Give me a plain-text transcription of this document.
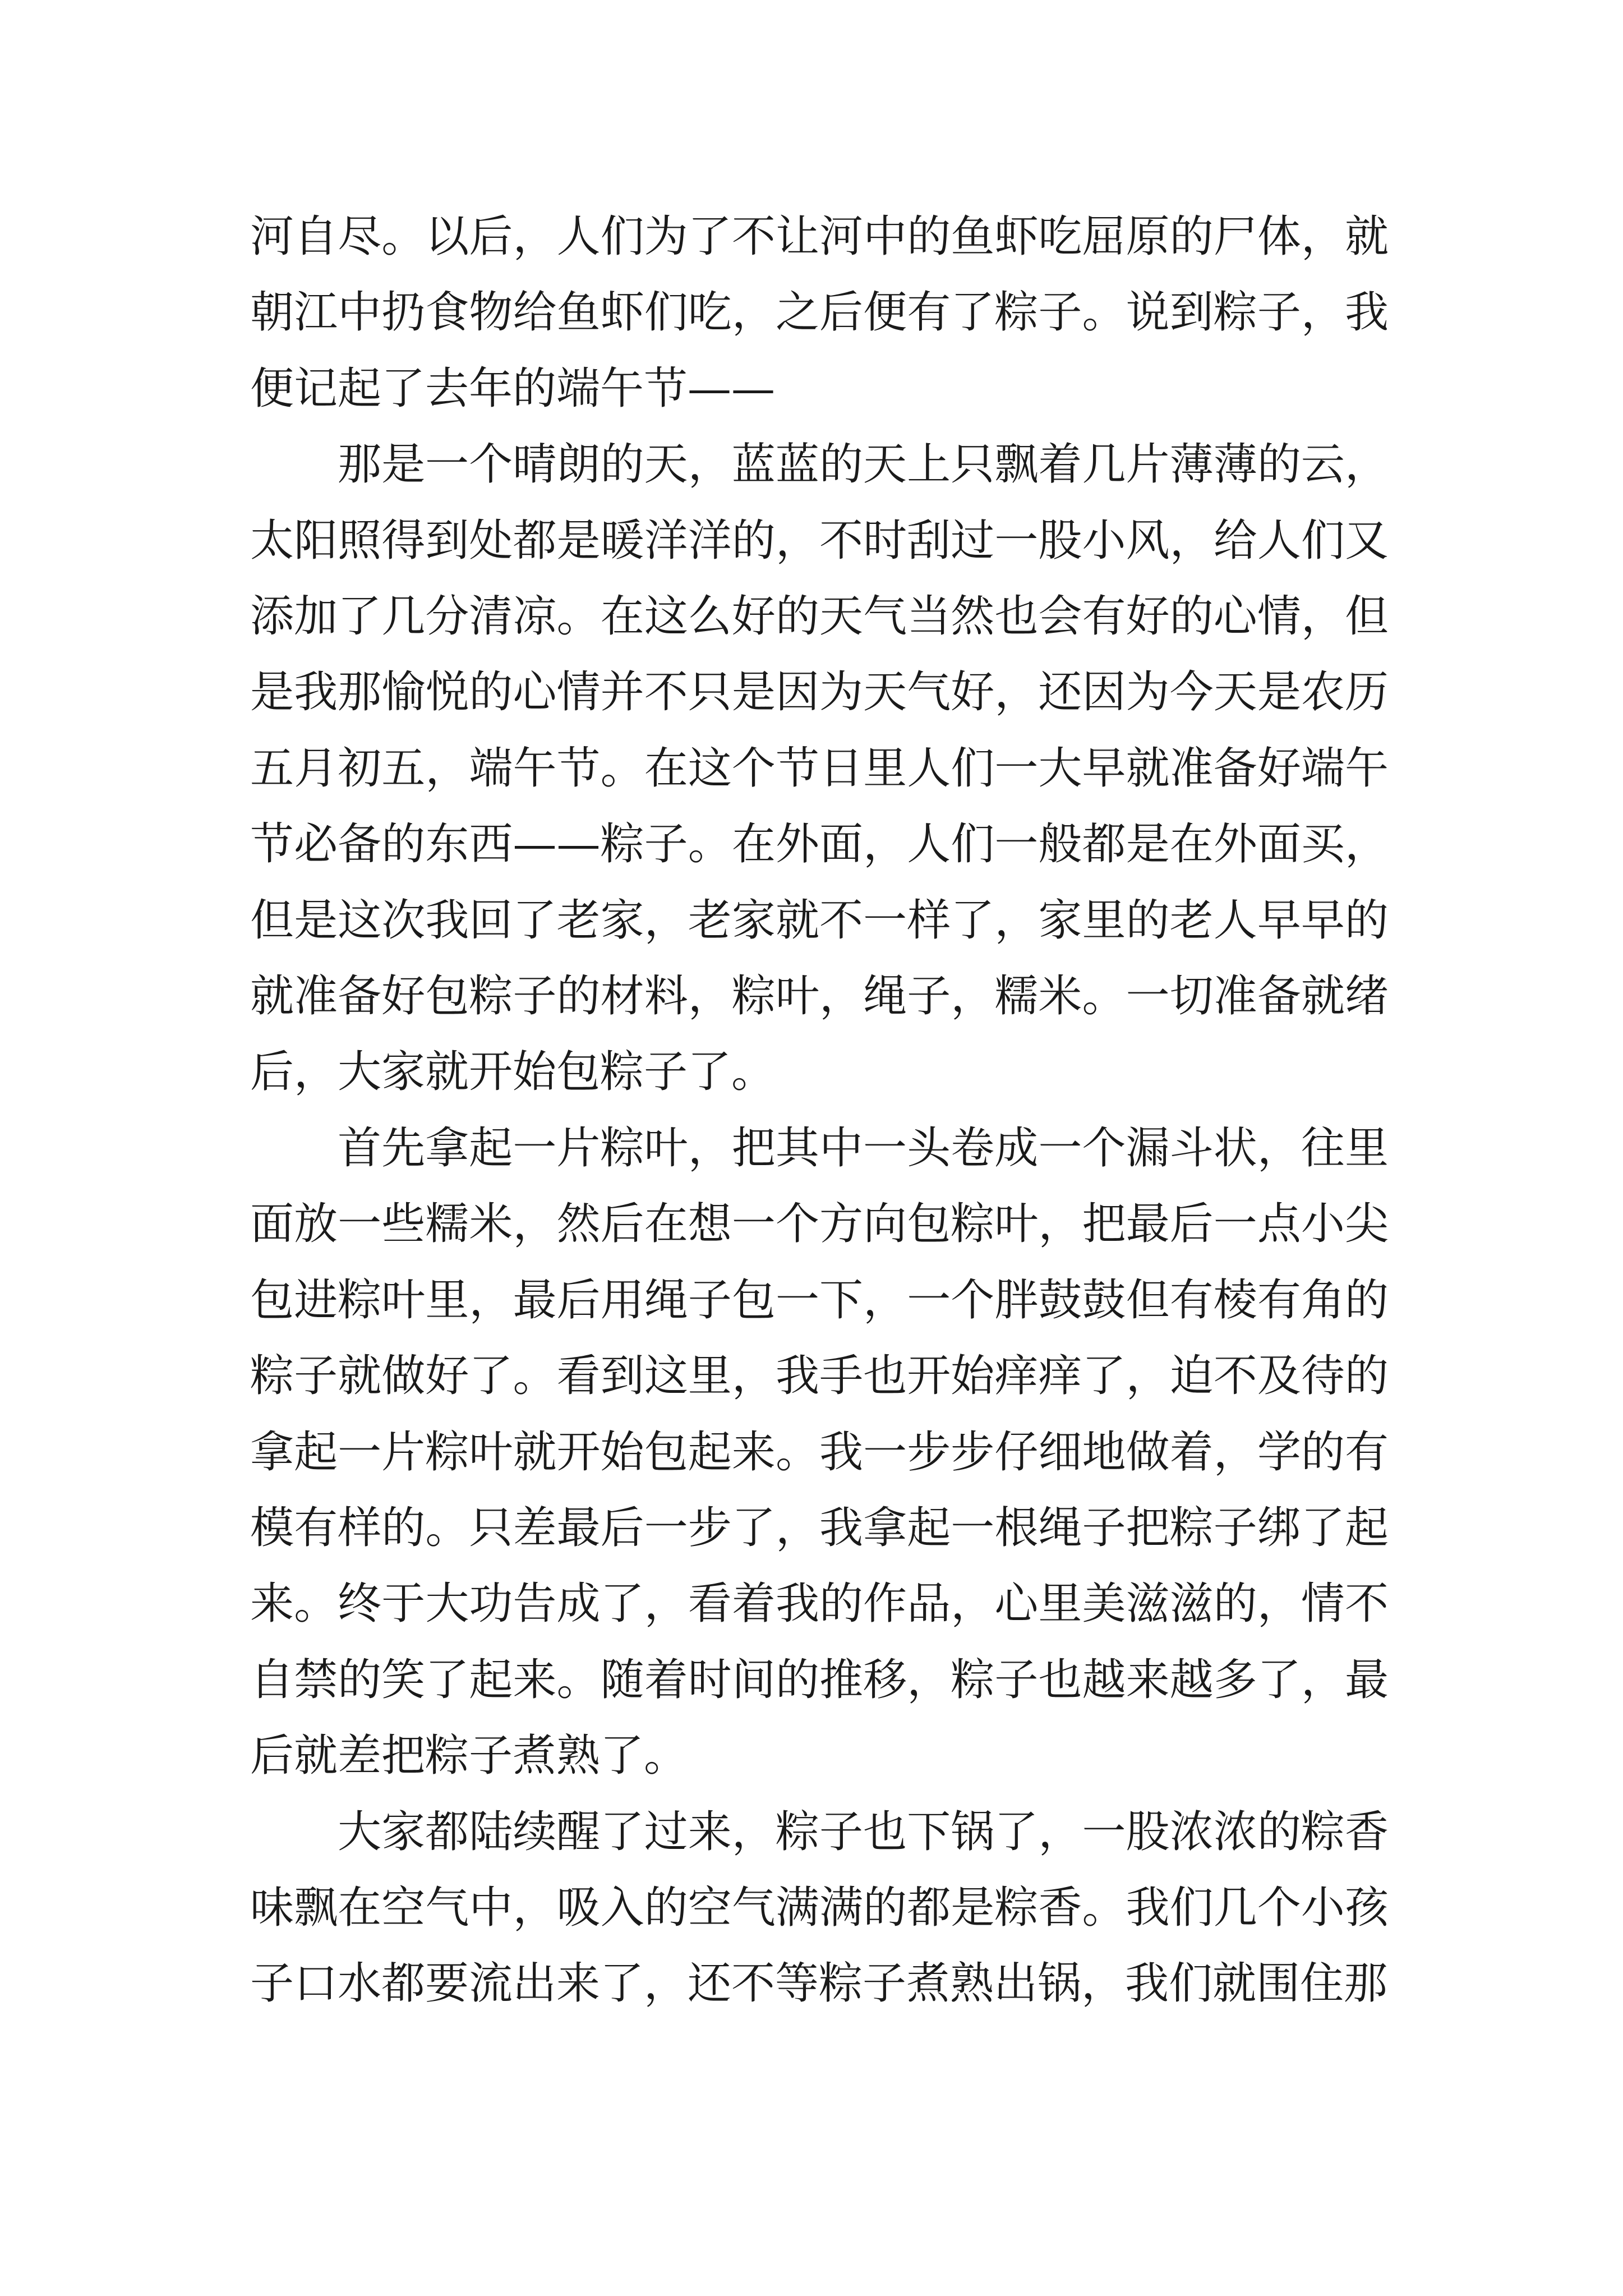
河自尽。以后，人们为了不让河中的鱼虾吃屈原的尸体，就朝江中扔食物给鱼虾们吃，之后便有了粽子。说到粽子，我便记起了去年的端午节——

那是一个晴朗的天，蓝蓝的天上只飘着几片薄薄的云，太阳照得到处都是暖洋洋的，不时刮过一股小风，给人们又添加了几分清凉。在这么好的天气当然也会有好的心情，但是我那愉悦的心情并不只是因为天气好，还因为今天是农历五月初五，端午节。在这个节日里人们一大早就准备好端午节必备的东西——粽子。在外面，人们一般都是在外面买，但是这次我回了老家，老家就不一样了，家里的老人早早的就准备好包粽子的材料，粽叶，绳子，糯米。一切准备就绪后，大家就开始包粽子了。

首先拿起一片粽叶，把其中一头卷成一个漏斗状，往里面放一些糯米，然后在想一个方向包粽叶，把最后一点小尖包进粽叶里，最后用绳子包一下，一个胖鼓鼓但有棱有角的粽子就做好了。看到这里，我手也开始痒痒了，迫不及待的拿起一片粽叶就开始包起来。我一步步仔细地做着，学的有模有样的。只差最后一步了，我拿起一根绳子把粽子绑了起来。终于大功告成了，看着我的作品，心里美滋滋的，情不自禁的笑了起来。随着时间的推移，粽子也越来越多了，最后就差把粽子煮熟了。

大家都陆续醒了过来，粽子也下锅了，一股浓浓的粽香味飘在空气中，吸入的空气满满的都是粽香。我们几个小孩子口水都要流出来了，还不等粽子煮熟出锅，我们就围住那
